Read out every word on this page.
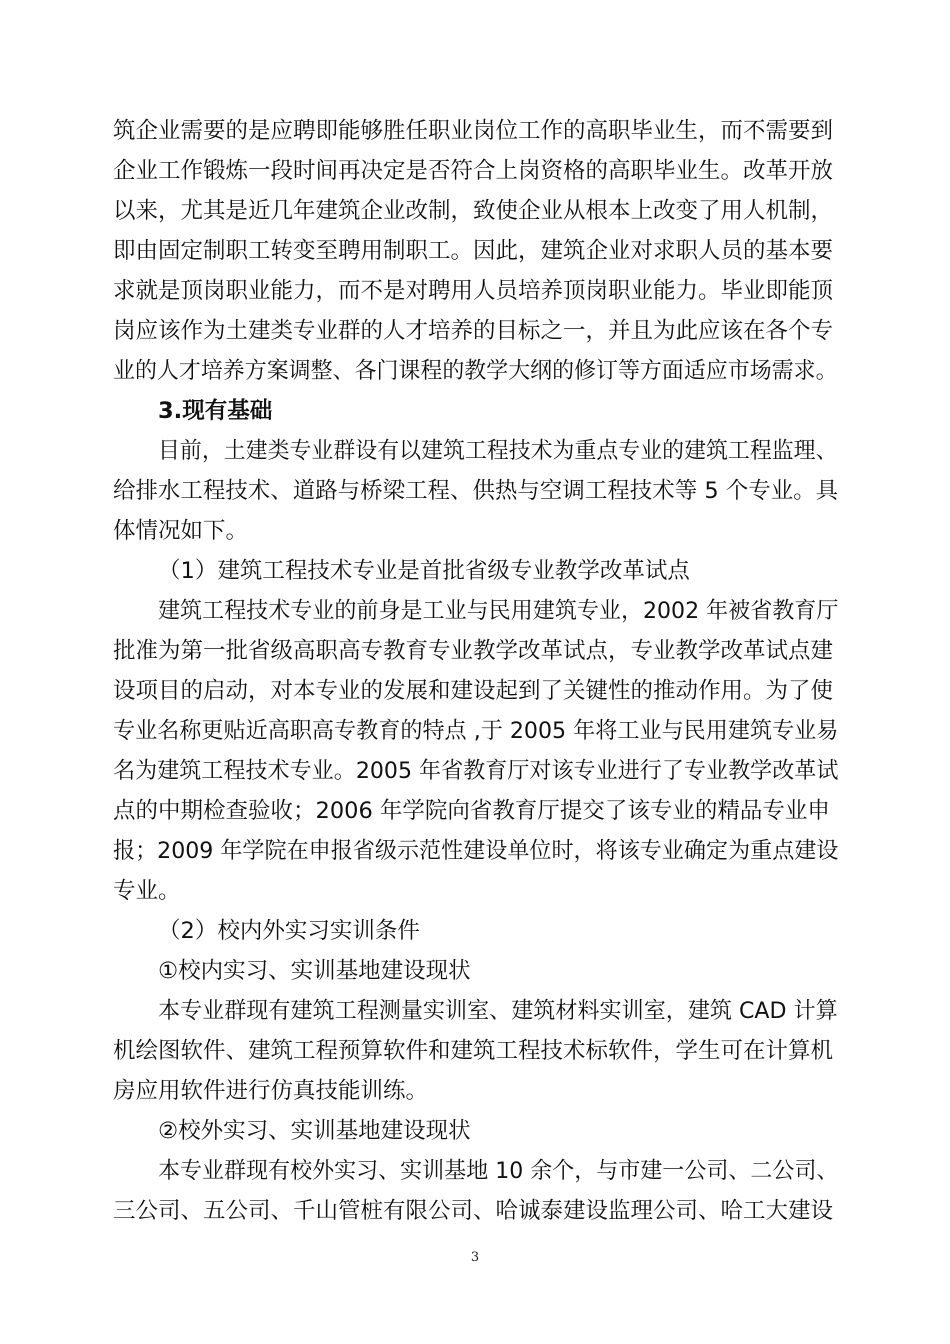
筑企业需要的是应聘即能够胜任职业岗位工作的高职毕业生，而不需要到
企业工作锻炼一段时间再决定是否符合上岗资格的高职毕业生。改革开放
以来，尤其是近几年建筑企业改制，致使企业从根本上改变了用人机制，
即由固定制职工转变至聘用制职工。因此，建筑企业对求职人员的基本要
求就是顶岗职业能力，而不是对聘用人员培养顶岗职业能力。毕业即能顶
岗应该作为土建类专业群的人才培养的目标之一，并且为此应该在各个专
业的人才培养方案调整、各门课程的教学大纲的修订等方面适应市场需求。
3.现有基础
目前，土建类专业群设有以建筑工程技术为重点专业的建筑工程监理、
给排水工程技术、道路与桥梁工程、供热与空调工程技术等 5 个专业。具
体情况如下。
（1）建筑工程技术专业是首批省级专业教学改革试点
建筑工程技术专业的前身是工业与民用建筑专业，2002 年被省教育厅
批准为第一批省级高职高专教育专业教学改革试点，专业教学改革试点建
设项目的启动，对本专业的发展和建设起到了关键性的推动作用。为了使
专业名称更贴近高职高专教育的特点 ,于 2005 年将工业与民用建筑专业易
名为建筑工程技术专业。2005 年省教育厅对该专业进行了专业教学改革试
点的中期检查验收；2006 年学院向省教育厅提交了该专业的精品专业申
报；2009 年学院在申报省级示范性建设单位时，将该专业确定为重点建设
专业。
（2）校内外实习实训条件
①校内实习、实训基地建设现状
本专业群现有建筑工程测量实训室、建筑材料实训室，建筑 CAD 计算
机绘图软件、建筑工程预算软件和建筑工程技术标软件，学生可在计算机
房应用软件进行仿真技能训练。
②校外实习、实训基地建设现状
本专业群现有校外实习、实训基地 10 余个，与市建一公司、二公司、
三公司、五公司、千山管桩有限公司、哈诚泰建设监理公司、哈工大建设
3
